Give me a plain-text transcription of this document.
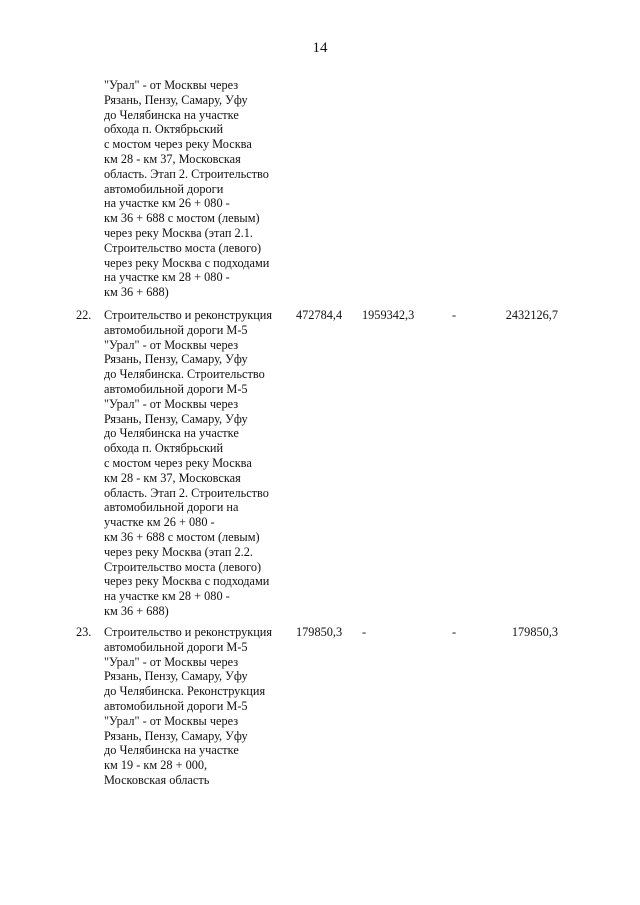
14
"Урал" - от Москвы через
Рязань, Пензу, Самару, Уфу
до Челябинска на участке
обхода п. Октябрьский
с мостом через реку Москва
км 28 - км 37, Московская
область. Этап 2. Строительство
автомобильной дороги
на участке км 26 + 080 -
км 36 + 688 с мостом (левым)
через реку Москва (этап 2.1.
Строительство моста (левого)
через реку Москва с подходами
на участке км 28 + 080 -
км 36 + 688)
22. Строительство и реконструкция
автомобильной дороги М-5
"Урал" - от Москвы через
Рязань, Пензу, Самару, Уфу
до Челябинска. Строительство
автомобильной дороги М-5
"Урал" - от Москвы через
Рязань, Пензу, Самару, Уфу
до Челябинска на участке
обхода п. Октябрьский
с мостом через реку Москва
км 28 - км 37, Московская
область. Этап 2. Строительство
автомобильной дороги на
участке км 26 + 080 -
км 36 + 688 с мостом (левым)
через реку Москва (этап 2.2.
Строительство моста (левого)
через реку Москва с подходами
на участке км 28 + 080 -
км 36 + 688)
472784,4 1959342,3	-	2432126,7
23. Строительство и реконструкция
автомобильной дороги М-5
"Урал" - от Москвы через
Рязань, Пензу, Самару, Уфу
до Челябинска. Реконструкция
автомобильной дороги М-5
"Урал" - от Москвы через
Рязань, Пензу, Самару, Уфу
до Челябинска на участке
км 19 - км 28 + 000,
Московская область
179850,3 -	-	179850,3
